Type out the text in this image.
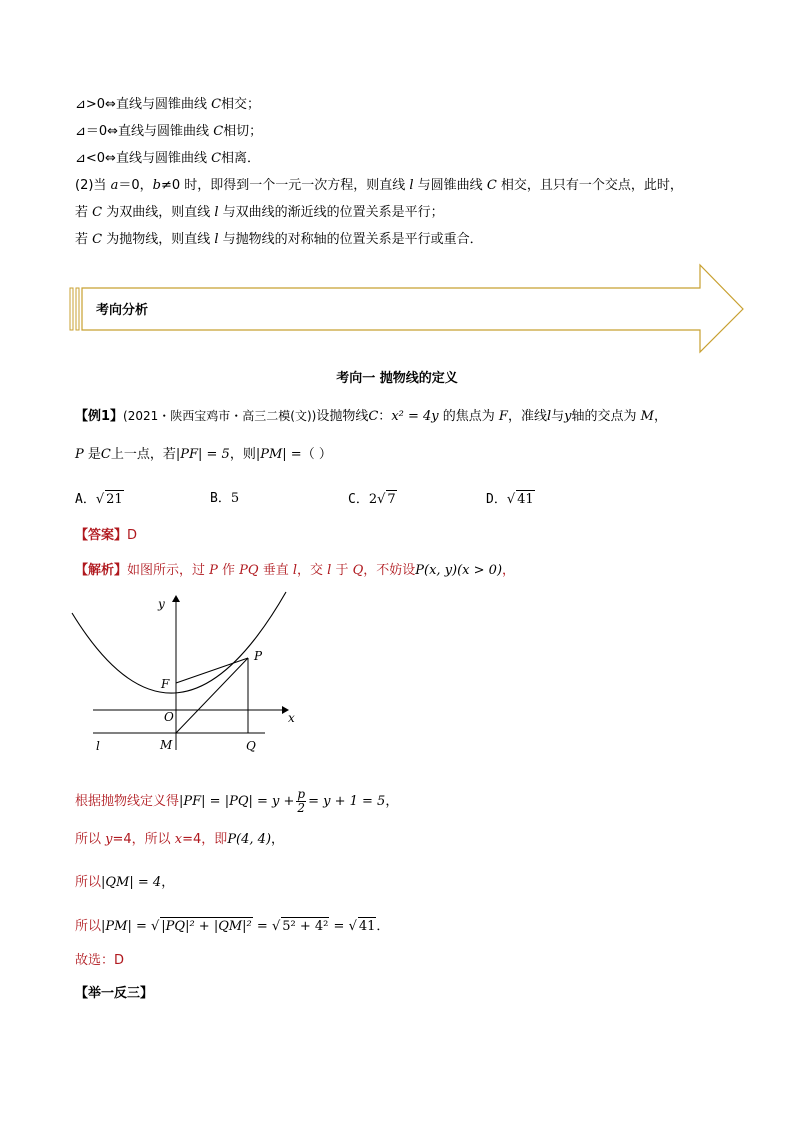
⊿>0⇔直线与圆锥曲线 C相交；
⊿＝0⇔直线与圆锥曲线 C相切；
⊿<0⇔直线与圆锥曲线 C相离．
(2)当 a＝0，b≠0 时，即得到一个一元一次方程，则直线 l 与圆锥曲线 C 相交，且只有一个交点，此时，
若 C 为双曲线，则直线 l 与双曲线的渐近线的位置关系是平行；
若 C 为抛物线，则直线 l 与抛物线的对称轴的位置关系是平行或重合．
考向分析
考向一 抛物线的定义
【例1】(2021・陕西宝鸡市・高三二模(文))设抛物线C：x² = 4y 的焦点为 F，准线l与y轴的交点为 M，
P 是C上一点，若|PF| = 5，则|PM| =（ ）
A．√ 21	B．5	C．2√ 7	D．√ 41
【答案】D
【解析】如图所示，过 P 作 PQ 垂直 l，交 l 于 Q，不妨设P(x, y)(x > 0)，
y
x
P
F
O
l	M	Q
根据抛物线定义得$|PF| = |PQ| = y + \frac{p}{2} = y + 1 = 5$，
所以 y=4，所以 x=4，即P(4, 4)，
所以|QM| = 4，
所以|PM| = √ |PQ|² + |QM|² = √ 5² + 4² = √ 41．
故选：D
【举一反三】
